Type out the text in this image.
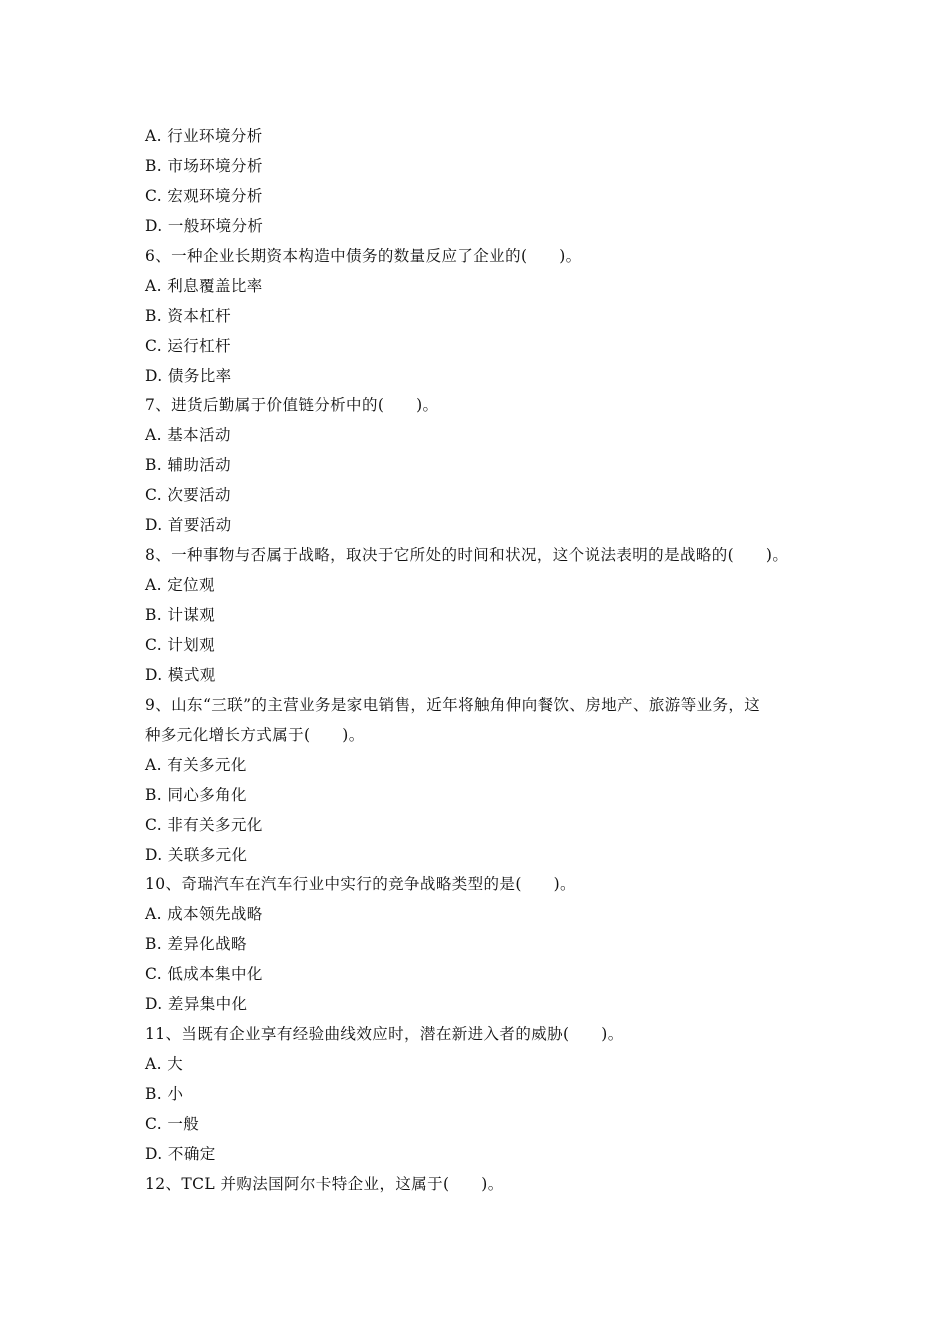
A. 行业环境分析
B. 市场环境分析
C. 宏观环境分析
D. 一般环境分析
6、一种企业长期资本构造中债务的数量反应了企业的(　　)。
A. 利息覆盖比率
B. 资本杠杆
C. 运行杠杆
D. 债务比率
7、进货后勤属于价值链分析中的(　　)。
A. 基本活动
B. 辅助活动
C. 次要活动
D. 首要活动
8、一种事物与否属于战略，取决于它所处的时间和状况，这个说法表明的是战略的(　　)。
A. 定位观
B. 计谋观
C. 计划观
D. 模式观
9、山东“三联”的主营业务是家电销售，近年将触角伸向餐饮、房地产、旅游等业务，这
种多元化增长方式属于(　　)。
A. 有关多元化
B. 同心多角化
C. 非有关多元化
D. 关联多元化
10、奇瑞汽车在汽车行业中实行的竞争战略类型的是(　　)。
A. 成本领先战略
B. 差异化战略
C. 低成本集中化
D. 差异集中化
11、当既有企业享有经验曲线效应时，潜在新进入者的威胁(　　)。
A. 大
B. 小
C. 一般
D. 不确定
12、TCL 并购法国阿尔卡特企业，这属于(　　)。
